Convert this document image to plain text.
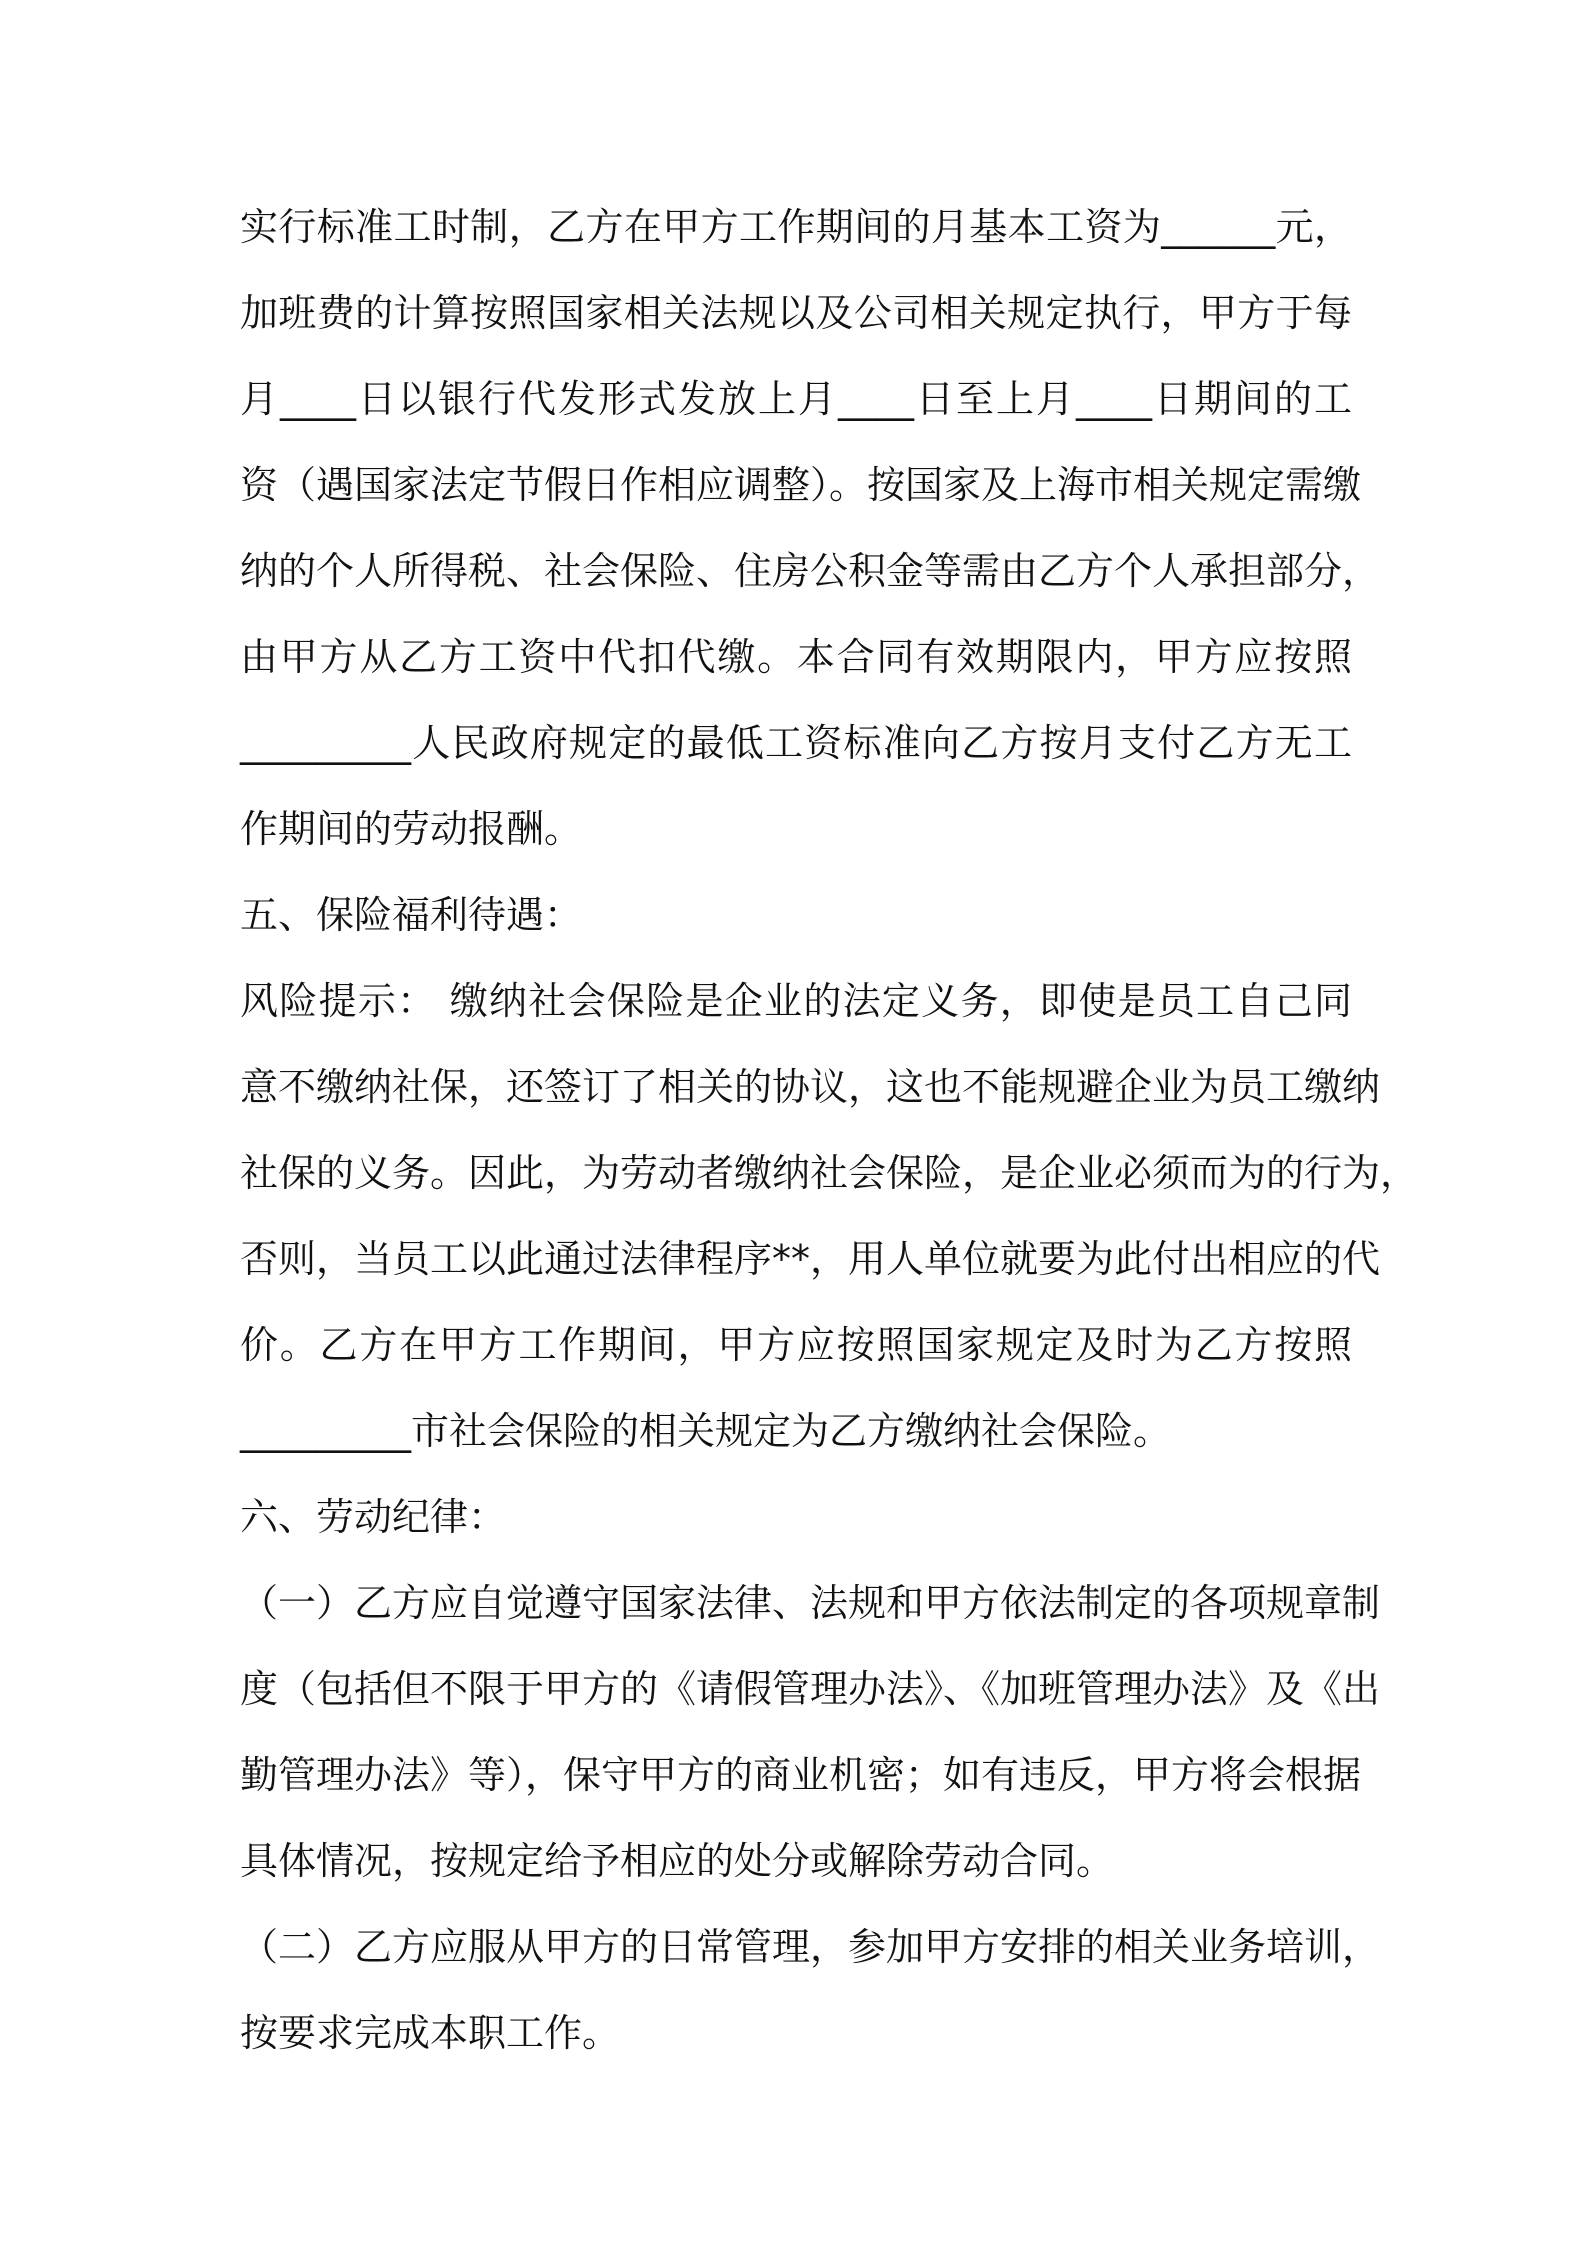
实行标准工时制，乙方在甲方工作期间的月基本工资为______元，
加班费的计算按照国家相关法规以及公司相关规定执行，甲方于每
月____日以银行代发形式发放上月____日至上月____日期间的工
资（遇国家法定节假日作相应调整）。按国家及上海市相关规定需缴
纳的个人所得税、社会保险、住房公积金等需由乙方个人承担部分，
由甲方从乙方工资中代扣代缴。本合同有效期限内，甲方应按照
_________人民政府规定的最低工资标准向乙方按月支付乙方无工
作期间的劳动报酬。
五、保险福利待遇：
风险提示： 缴纳社会保险是企业的法定义务，即使是员工自己同
意不缴纳社保，还签订了相关的协议，这也不能规避企业为员工缴纳
社保的义务。因此，为劳动者缴纳社会保险，是企业必须而为的行为，
否则，当员工以此通过法律程序**，用人单位就要为此付出相应的代
价。乙方在甲方工作期间，甲方应按照国家规定及时为乙方按照
_________市社会保险的相关规定为乙方缴纳社会保险。
六、劳动纪律：
（一）乙方应自觉遵守国家法律、法规和甲方依法制定的各项规章制
度（包括但不限于甲方的《请假管理办法》、《加班管理办法》及《出
勤管理办法》等），保守甲方的商业机密；如有违反，甲方将会根据
具体情况，按规定给予相应的处分或解除劳动合同。
（二）乙方应服从甲方的日常管理，参加甲方安排的相关业务培训，
按要求完成本职工作。
